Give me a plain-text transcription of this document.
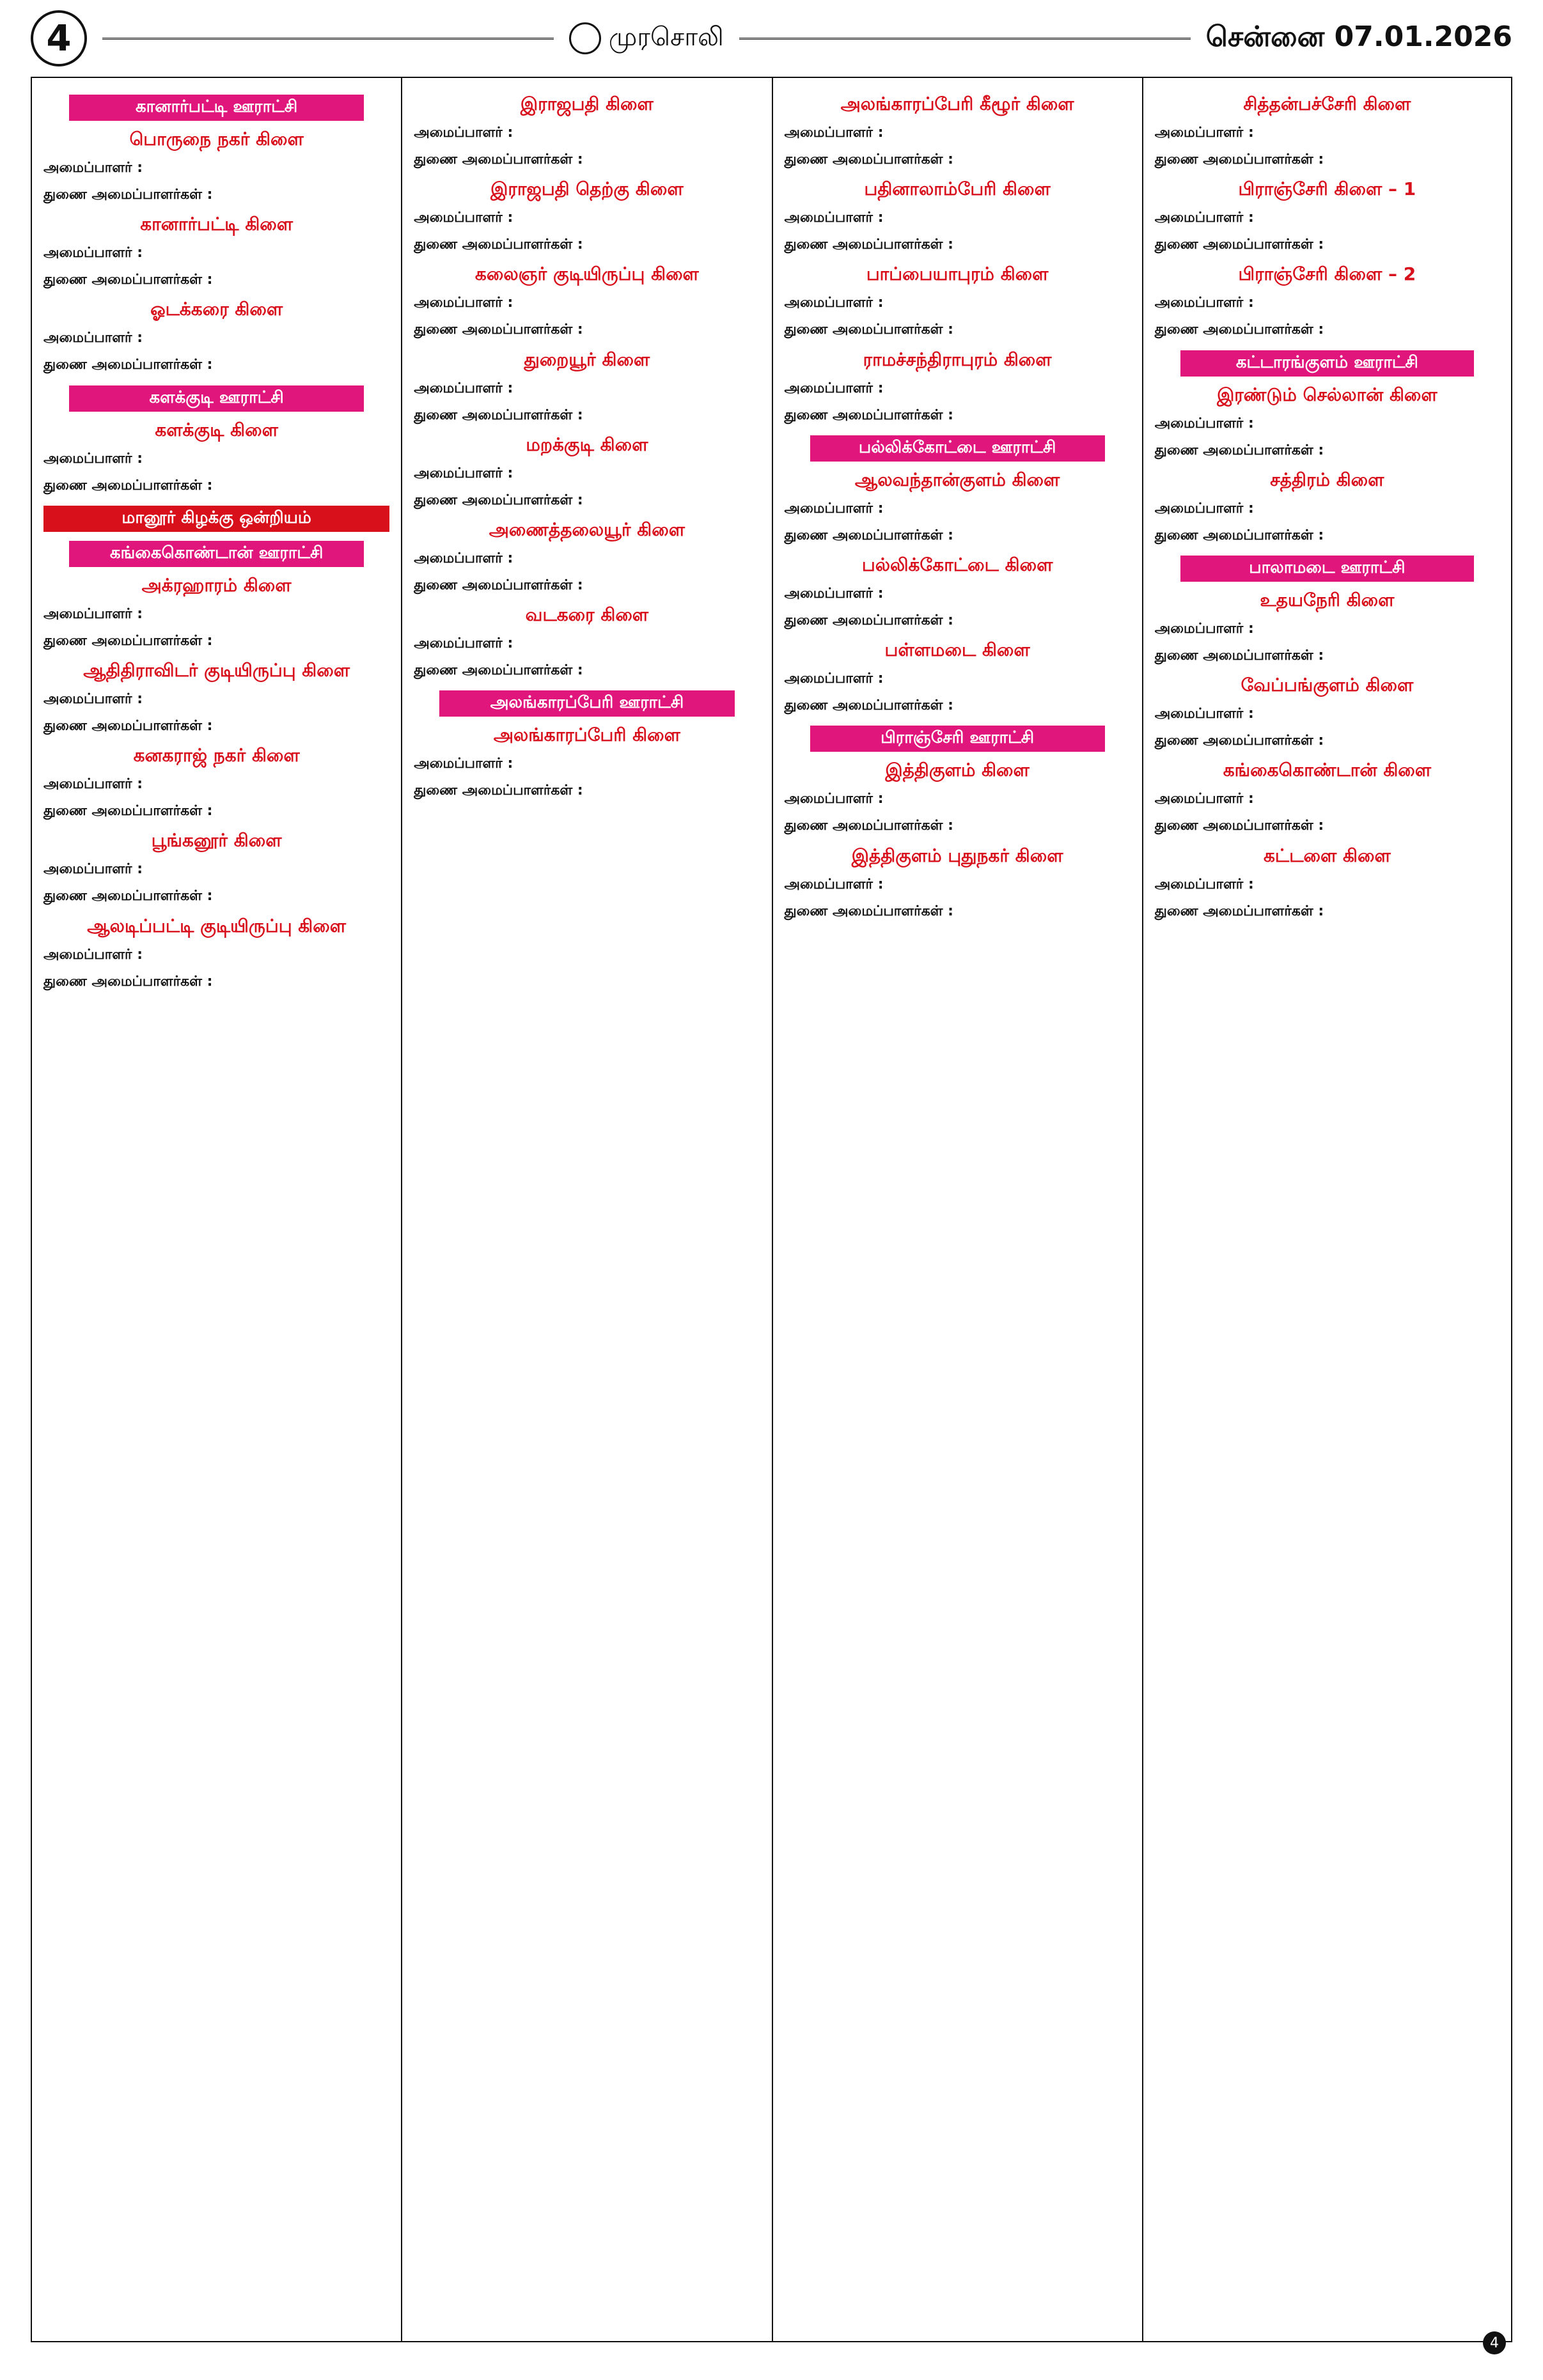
4	முரசொலி	சென்னை 07.01.2026
கானார்பட்டி ஊராட்சி
பொருநை நகர் கிளை

அமைப்பாளர் :

துணை அமைப்பாளர்கள் :

கானார்பட்டி கிளை

அமைப்பாளர் :

துணை அமைப்பாளர்கள் :

ஓடக்கரை கிளை

அமைப்பாளர் :

துணை அமைப்பாளர்கள் :

களக்குடி ஊராட்சி
களக்குடி கிளை

அமைப்பாளர் :

துணை அமைப்பாளர்கள் :

மானூர் கிழக்கு ஒன்றியம்
கங்கைகொண்டான் ஊராட்சி
அக்ரஹாரம் கிளை

அமைப்பாளர் :

துணை அமைப்பாளர்கள் :

ஆதிதிராவிடர் குடியிருப்பு கிளை

அமைப்பாளர் :

துணை அமைப்பாளர்கள் :

கனகராஜ் நகர் கிளை

அமைப்பாளர் :

துணை அமைப்பாளர்கள் :

பூங்கனூர் கிளை

அமைப்பாளர் :

துணை அமைப்பாளர்கள் :

ஆலடிப்பட்டி குடியிருப்பு கிளை

அமைப்பாளர் :

துணை அமைப்பாளர்கள் :

இராஜபதி கிளை

அமைப்பாளர் :

துணை அமைப்பாளர்கள் :

இராஜபதி தெற்கு கிளை

அமைப்பாளர் :

துணை அமைப்பாளர்கள் :

கலைஞர் குடியிருப்பு கிளை

அமைப்பாளர் :

துணை அமைப்பாளர்கள் :

துறையூர் கிளை

அமைப்பாளர் :

துணை அமைப்பாளர்கள் :

மறக்குடி கிளை

அமைப்பாளர் :

துணை அமைப்பாளர்கள் :

அணைத்தலையூர் கிளை

அமைப்பாளர் :

துணை அமைப்பாளர்கள் :

வடகரை கிளை

அமைப்பாளர் :

துணை அமைப்பாளர்கள் :

அலங்காரப்பேரி ஊராட்சி
அலங்காரப்பேரி கிளை

அமைப்பாளர் :

துணை அமைப்பாளர்கள் :

அலங்காரப்பேரி கீழூர் கிளை

அமைப்பாளர் :

துணை அமைப்பாளர்கள் :

பதினாலாம்பேரி கிளை

அமைப்பாளர் :

துணை அமைப்பாளர்கள் :

பாப்பையாபுரம் கிளை

அமைப்பாளர் :

துணை அமைப்பாளர்கள் :

ராமச்சந்திராபுரம் கிளை

அமைப்பாளர் :

துணை அமைப்பாளர்கள் :

பல்லிக்கோட்டை ஊராட்சி
ஆலவந்தான்குளம் கிளை

அமைப்பாளர் :

துணை அமைப்பாளர்கள் :

பல்லிக்கோட்டை கிளை

அமைப்பாளர் :

துணை அமைப்பாளர்கள் :

பள்ளமடை கிளை

அமைப்பாளர் :

துணை அமைப்பாளர்கள் :

பிராஞ்சேரி ஊராட்சி
இத்திகுளம் கிளை

அமைப்பாளர் :

துணை அமைப்பாளர்கள் :

இத்திகுளம் புதுநகர் கிளை

அமைப்பாளர் :

துணை அமைப்பாளர்கள் :

சித்தன்பச்சேரி கிளை

அமைப்பாளர் :

துணை அமைப்பாளர்கள் :

பிராஞ்சேரி கிளை – 1

அமைப்பாளர் :

துணை அமைப்பாளர்கள் :

பிராஞ்சேரி கிளை – 2

அமைப்பாளர் :

துணை அமைப்பாளர்கள் :

கட்டாரங்குளம் ஊராட்சி
இரண்டும் செல்லான் கிளை

அமைப்பாளர் :

துணை அமைப்பாளர்கள் :

சத்திரம் கிளை

அமைப்பாளர் :

துணை அமைப்பாளர்கள் :

பாலாமடை ஊராட்சி
உதயநேரி கிளை

அமைப்பாளர் :

துணை அமைப்பாளர்கள் :

வேப்பங்குளம் கிளை

அமைப்பாளர் :

துணை அமைப்பாளர்கள் :

கங்கைகொண்டான் கிளை

அமைப்பாளர் :

துணை அமைப்பாளர்கள் :

கட்டளை கிளை

அமைப்பாளர் :

துணை அமைப்பாளர்கள் :

4
